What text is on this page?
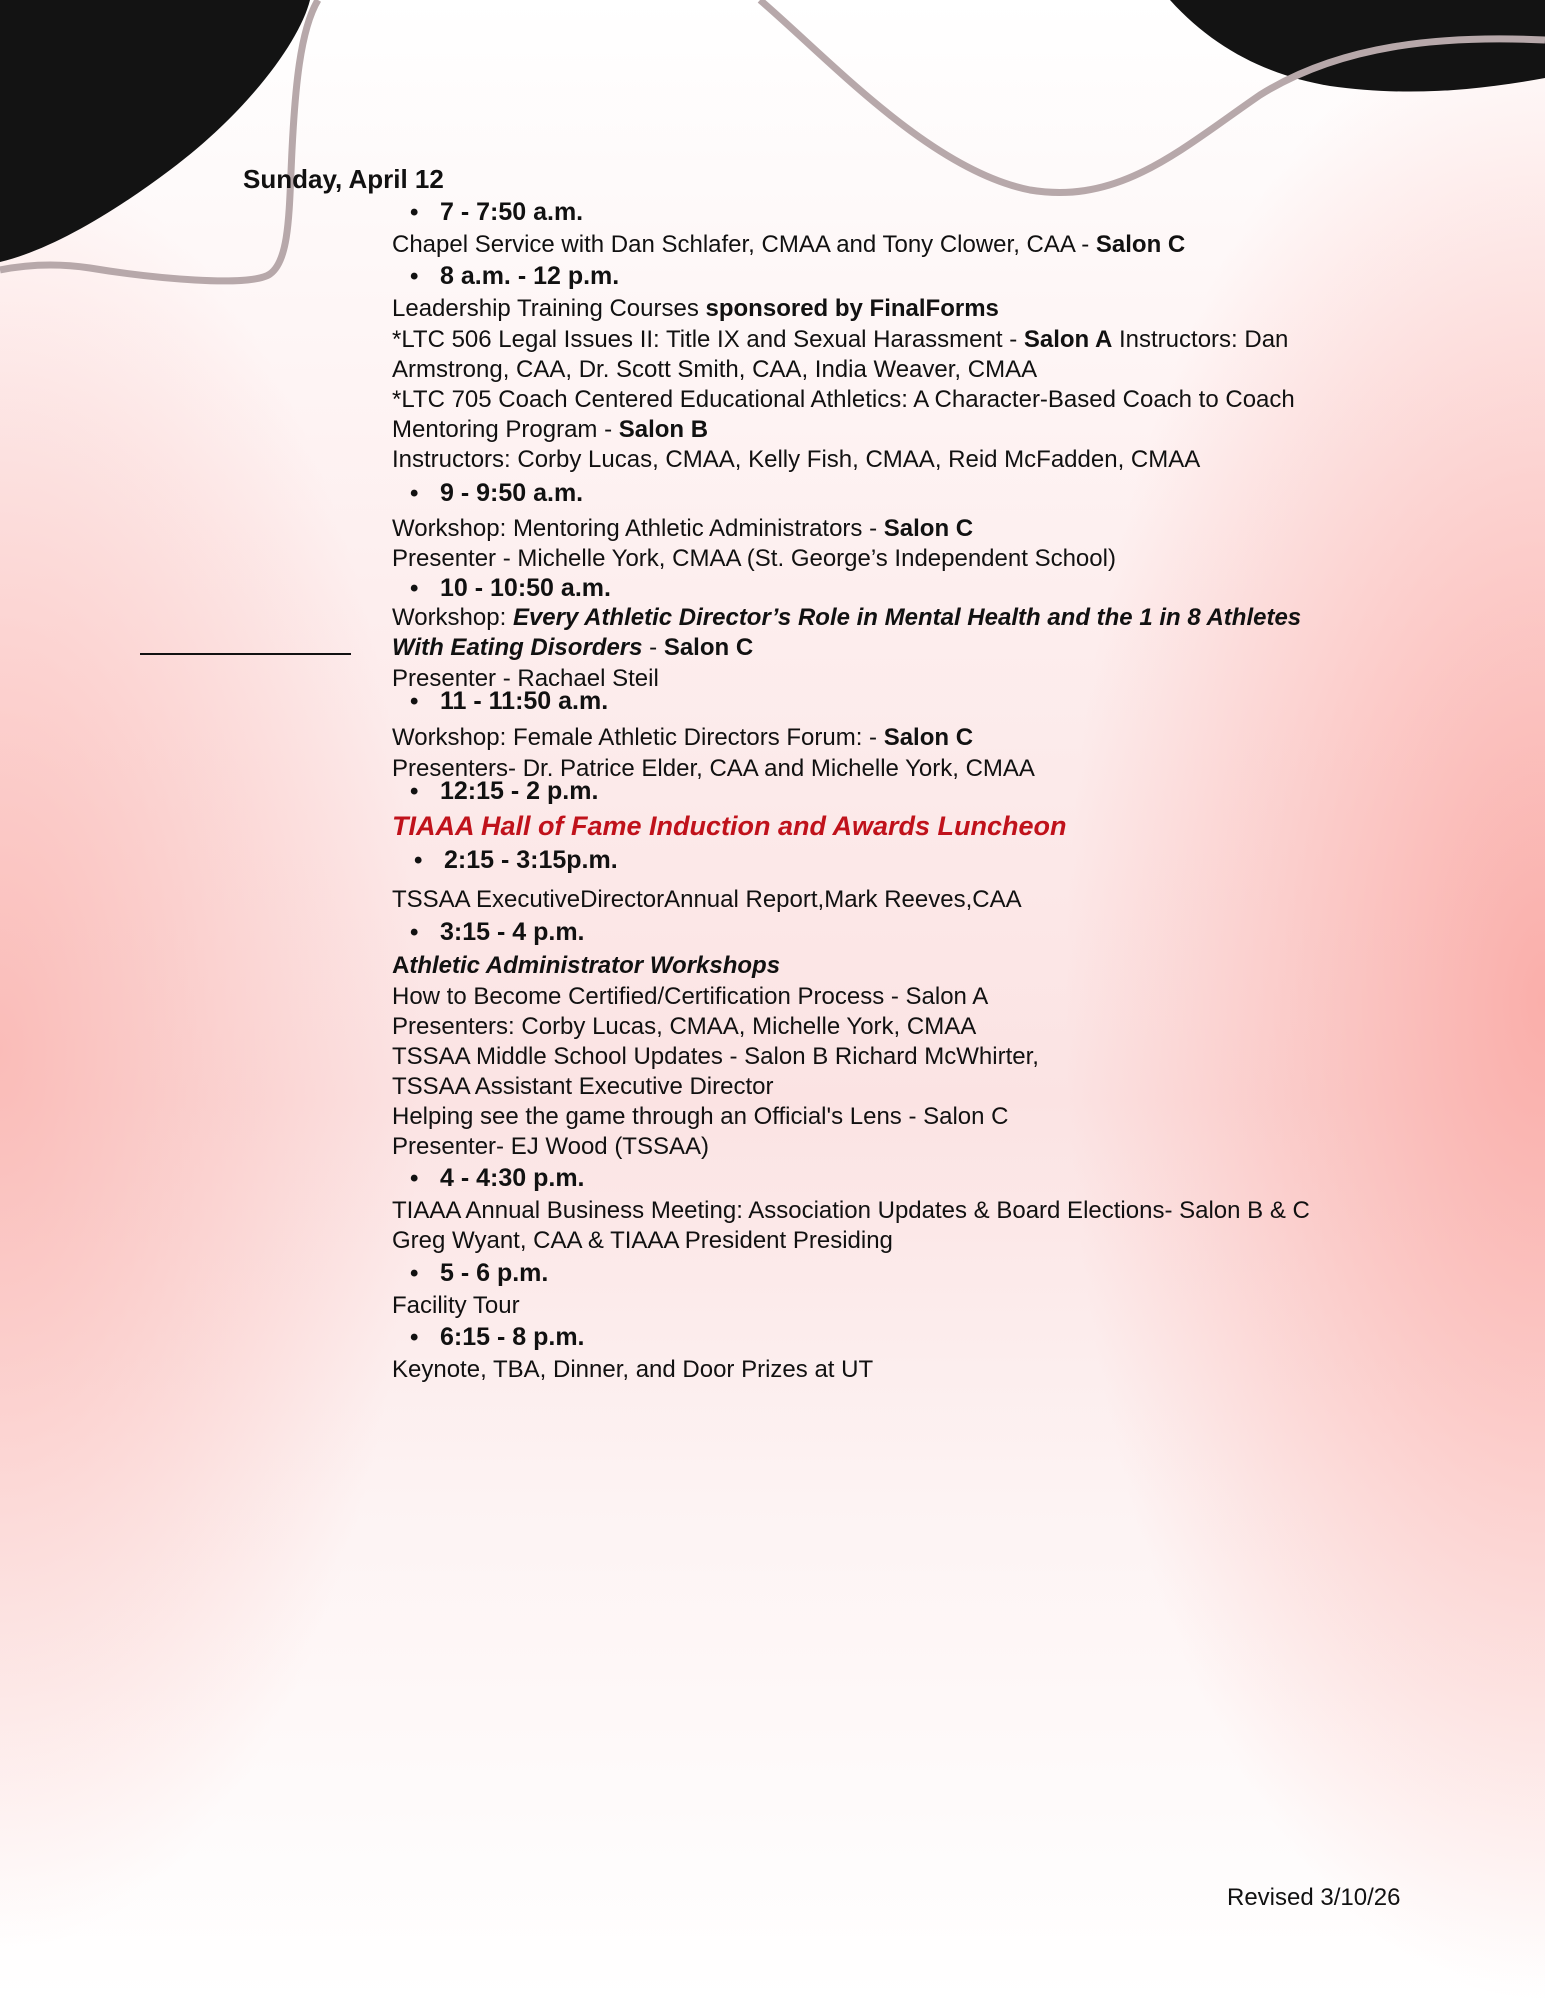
Sunday, April 12
• 7 - 7:50 a.m.
Chapel Service with Dan Schlafer, CMAA and Tony Clower, CAA - Salon C
• 8 a.m. - 12 p.m.
Leadership Training Courses sponsored by FinalForms
*LTC 506 Legal Issues II: Title IX and Sexual Harassment - Salon A Instructors: Dan
Armstrong, CAA, Dr. Scott Smith, CAA, India Weaver, CMAA
*LTC 705 Coach Centered Educational Athletics: A Character-Based Coach to Coach
Mentoring Program - Salon B
Instructors: Corby Lucas, CMAA, Kelly Fish, CMAA, Reid McFadden, CMAA
• 9 - 9:50 a.m.
Workshop: Mentoring Athletic Administrators - Salon C
Presenter - Michelle York, CMAA (St. George’s Independent School)
• 10 - 10:50 a.m.
Workshop: Every Athletic Director’s Role in Mental Health and the 1 in 8 Athletes
With Eating Disorders - Salon C
Presenter - Rachael Steil
• 11 - 11:50 a.m.
Workshop: Female Athletic Directors Forum: - Salon C
Presenters- Dr. Patrice Elder, CAA and Michelle York, CMAA
• 12:15 - 2 p.m.
TIAAA Hall of Fame Induction and Awards Luncheon
• 2:15 - 3:15p.m.
TSSAA ExecutiveDirectorAnnual Report,Mark Reeves,CAA
• 3:15 - 4 p.m.
Athletic Administrator Workshops
How to Become Certified/Certification Process - Salon A
Presenters: Corby Lucas, CMAA, Michelle York, CMAA
TSSAA Middle School Updates - Salon B Richard McWhirter,
TSSAA Assistant Executive Director
Helping see the game through an Official's Lens - Salon C
Presenter- EJ Wood (TSSAA)
• 4 - 4:30 p.m.
TIAAA Annual Business Meeting: Association Updates & Board Elections- Salon B & C
Greg Wyant, CAA & TIAAA President Presiding
• 5 - 6 p.m.
Facility Tour
• 6:15 - 8 p.m.
Keynote, TBA, Dinner, and Door Prizes at UT
Revised 3/10/26
